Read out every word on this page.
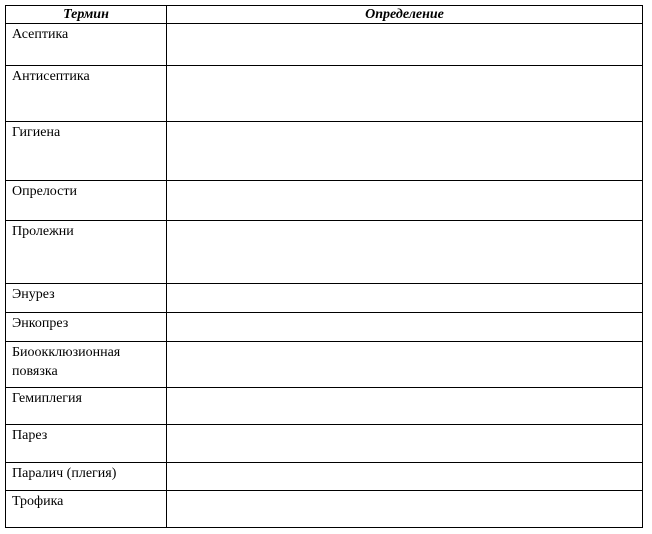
Термин	Определение
Асептика	
Антисептика	
Гигиена	
Опрелости	
Пролежни	
Энурез	
Энкопрез	
Биоокклюзионная повязка	
Гемиплегия	
Парез	
Паралич (плегия)	
Трофика	
